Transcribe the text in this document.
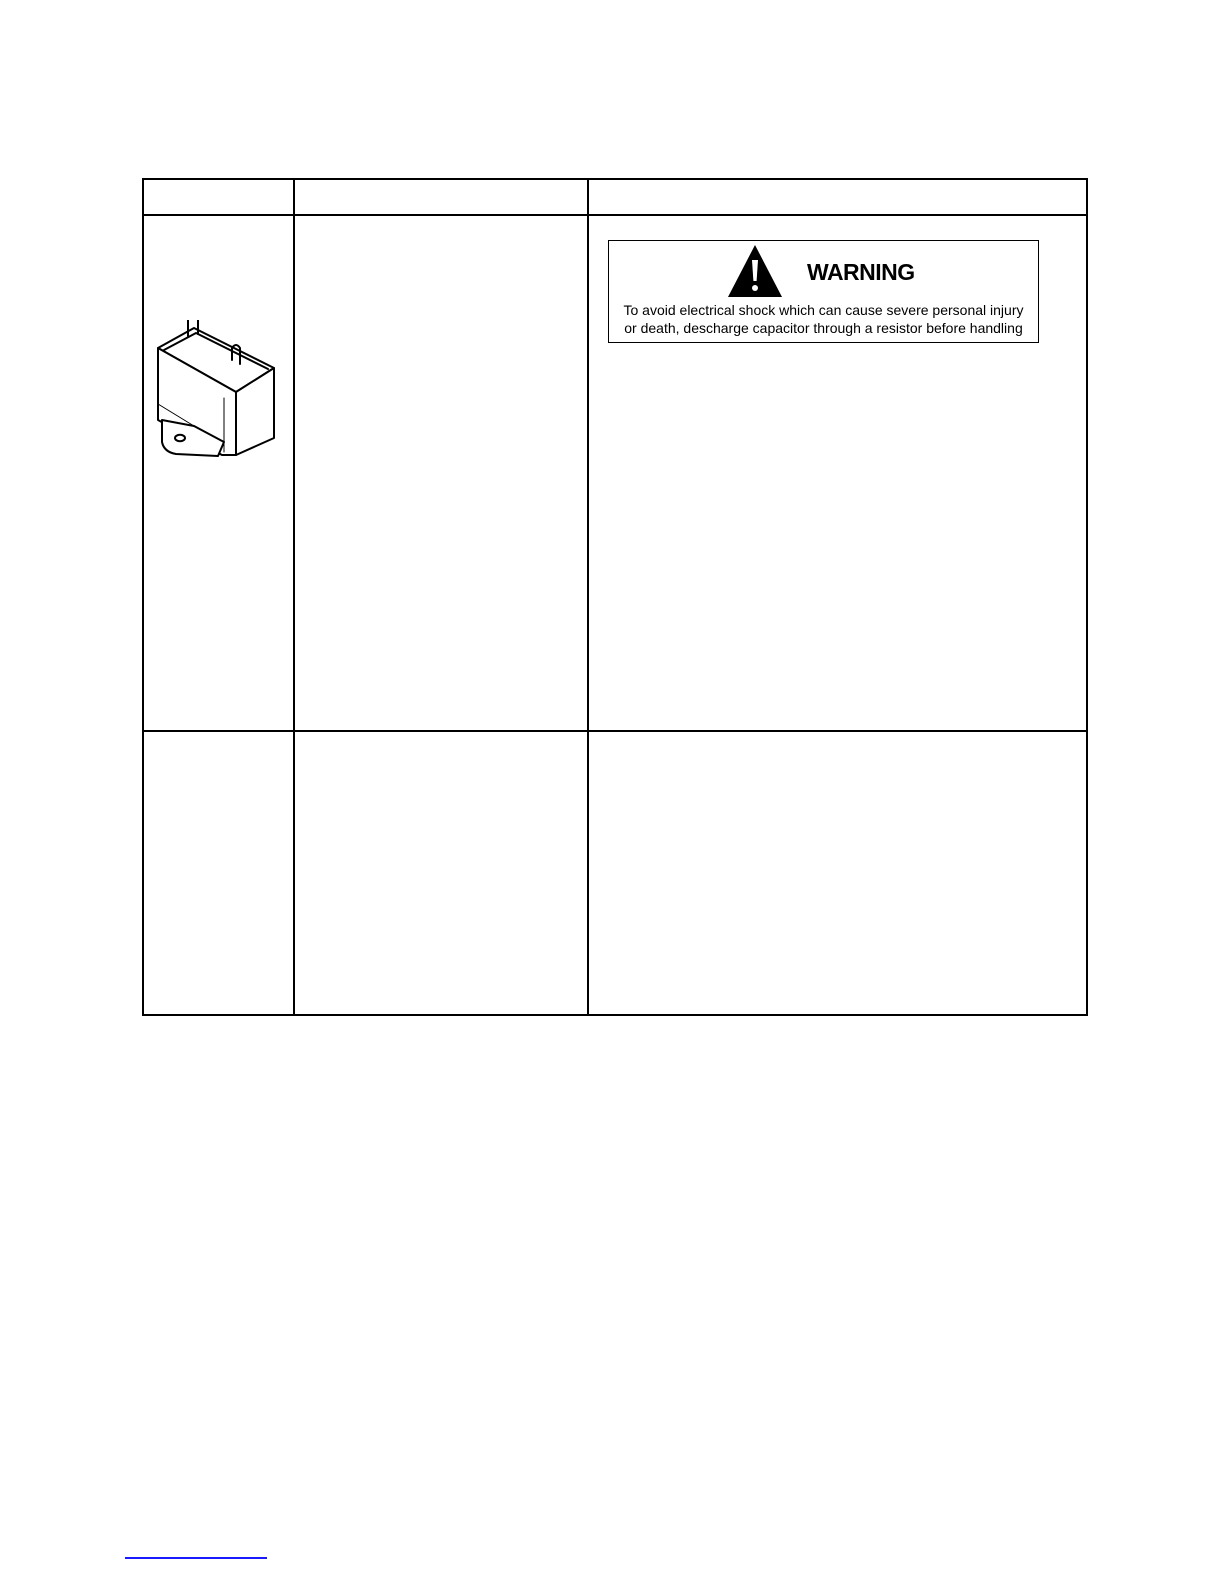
WARNING
To avoid electrical shock which can cause severe personal injury
or death, descharge capacitor through a resistor before handling
